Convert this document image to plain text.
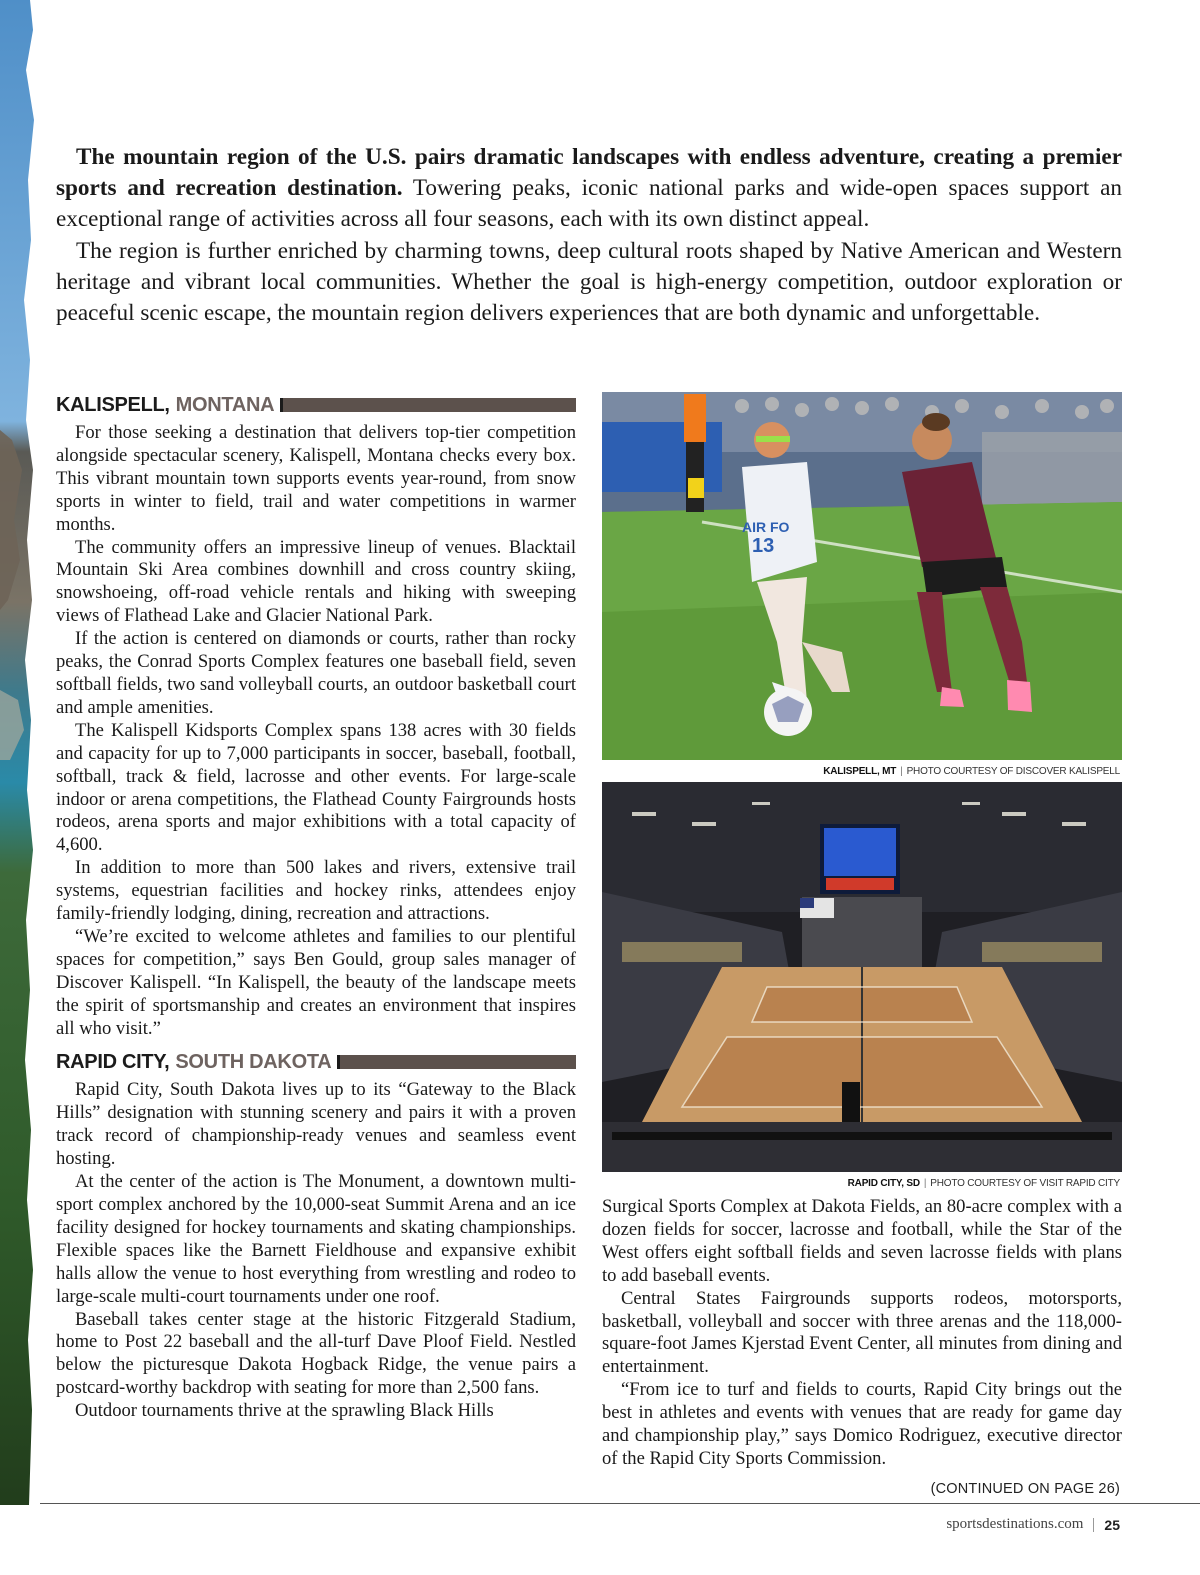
The mountain region of the U.S. pairs dramatic landscapes with endless adventure, creating a premier sports and recreation destination. Towering peaks, iconic national parks and wide-open spaces support an exceptional range of activities across all four seasons, each with its own distinct appeal.

The region is further enriched by charming towns, deep cultural roots shaped by Native American and Western heritage and vibrant local communities. Whether the goal is high-energy competition, outdoor exploration or peaceful scenic escape, the mountain region delivers experiences that are both dynamic and unforgettable.

KALISPELL, MONTANA

For those seeking a destination that delivers top-tier competition alongside spectacular scenery, Kalispell, Montana checks every box. This vibrant mountain town supports events year-round, from snow sports in winter to field, trail and water competitions in warmer months.

The community offers an impressive lineup of venues. Blacktail Mountain Ski Area combines downhill and cross country skiing, snowshoeing, off-road vehicle rentals and hiking with sweeping views of Flathead Lake and Glacier National Park.

If the action is centered on diamonds or courts, rather than rocky peaks, the Conrad Sports Complex features one baseball field, seven softball fields, two sand volleyball courts, an outdoor basketball court and ample amenities.

The Kalispell Kidsports Complex spans 138 acres with 30 fields and capacity for up to 7,000 participants in soccer, baseball, football, softball, track & field, lacrosse and other events. For large-scale indoor or arena competitions, the Flathead County Fairgrounds hosts rodeos, arena sports and major exhibitions with a total capacity of 4,600.

In addition to more than 500 lakes and rivers, extensive trail systems, equestrian facilities and hockey rinks, attendees enjoy family-friendly lodging, dining, recreation and attractions.

“We’re excited to welcome athletes and families to our plentiful spaces for competition,” says Ben Gould, group sales manager of Discover Kalispell. “In Kalispell, the beauty of the landscape meets the spirit of sportsmanship and creates an environment that inspires all who visit.”

RAPID CITY, SOUTH DAKOTA

Rapid City, South Dakota lives up to its “Gateway to the Black Hills” designation with stunning scenery and pairs it with a proven track record of championship-ready venues and seamless event hosting.

At the center of the action is The Monument, a downtown multi-sport complex anchored by the 10,000-seat Summit Arena and an ice facility designed for hockey tournaments and skating championships. Flexible spaces like the Barnett Fieldhouse and expansive exhibit halls allow the venue to host everything from wrestling and rodeo to large-scale multi-court tournaments under one roof.

Baseball takes center stage at the historic Fitzgerald Stadium, home to Post 22 baseball and the all-turf Dave Ploof Field. Nestled below the picturesque Dakota Hogback Ridge, the venue pairs a postcard-worthy backdrop with seating for more than 2,500 fans.

Outdoor tournaments thrive at the sprawling Black Hills

AIR FO
13
KALISPELL, MT | PHOTO COURTESY OF DISCOVER KALISPELL
RAPID CITY, SD | PHOTO COURTESY OF VISIT RAPID CITY

Surgical Sports Complex at Dakota Fields, an 80-acre complex with a dozen fields for soccer, lacrosse and football, while the Star of the West offers eight softball fields and seven lacrosse fields with plans to add baseball events.

Central States Fairgrounds supports rodeos, motorsports, basketball, volleyball and soccer with three arenas and the 118,000-square-foot James Kjerstad Event Center, all minutes from dining and entertainment.

“From ice to turf and fields to courts, Rapid City brings out the best in athletes and events with venues that are ready for game day and championship play,” says Domico Rodriguez, executive director of the Rapid City Sports Commission.

(CONTINUED ON PAGE 26)
sportsdestinations.com 25
